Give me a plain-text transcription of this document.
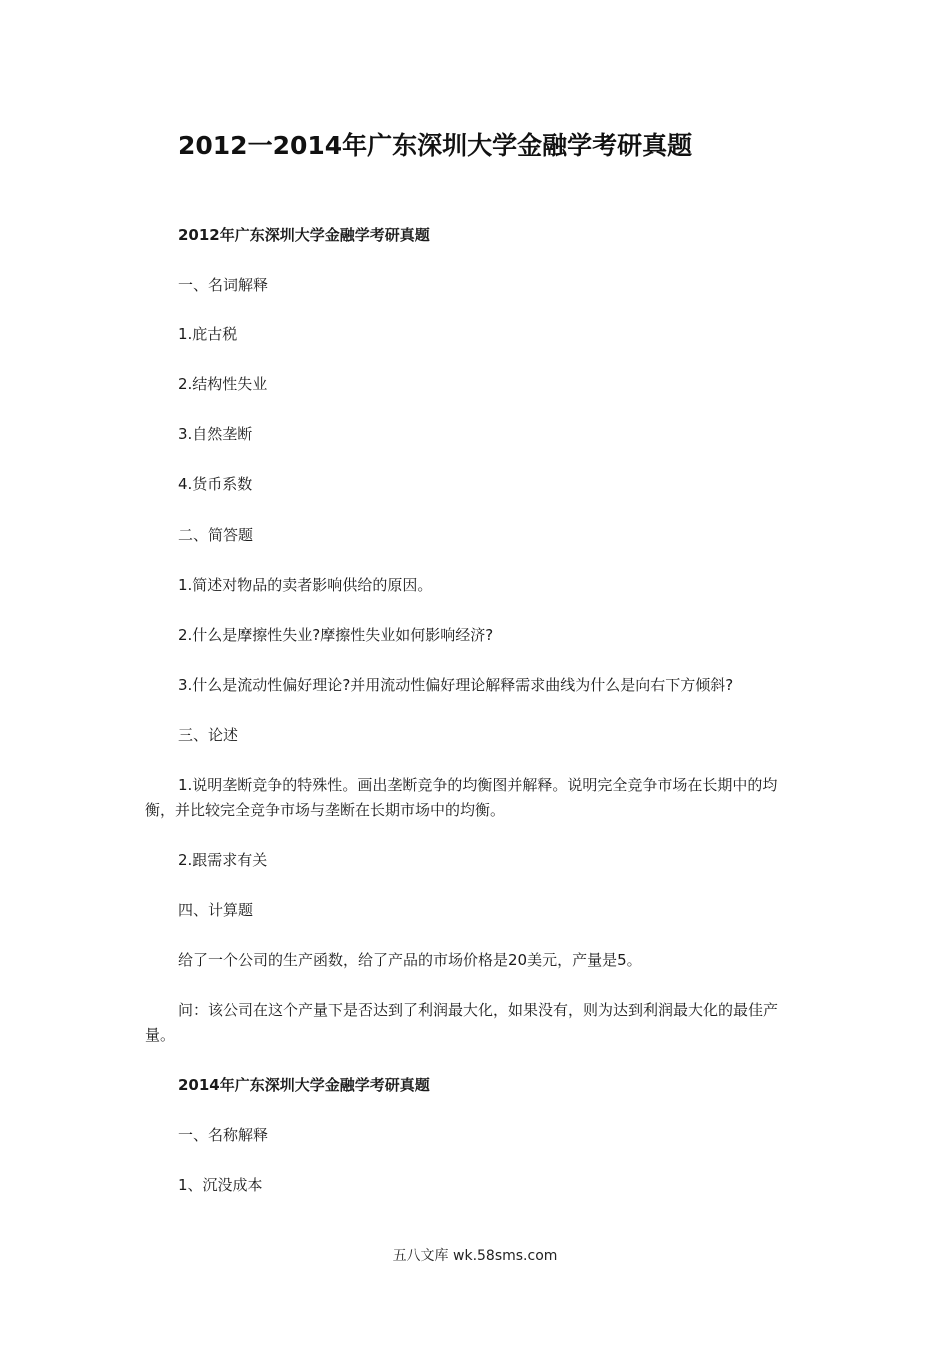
2012一2014年广东深圳大学金融学考研真题
2012年广东深圳大学金融学考研真题
一、名词解释
1.庇古税
2.结构性失业
3.自然垄断
4.货币系数
二、简答题
1.简述对物品的卖者影响供给的原因。
2.什么是摩擦性失业?摩擦性失业如何影响经济?
3.什么是流动性偏好理论?并用流动性偏好理论解释需求曲线为什么是向右下方倾斜?
三、论述
1.说明垄断竞争的特殊性。画出垄断竞争的均衡图并解释。说明完全竞争市场在长期中的均衡，并比较完全竞争市场与垄断在长期市场中的均衡。
2.跟需求有关
四、计算题
给了一个公司的生产函数，给了产品的市场价格是20美元，产量是5。
问：该公司在这个产量下是否达到了利润最大化，如果没有，则为达到利润最大化的最佳产量。
2014年广东深圳大学金融学考研真题
一、名称解释
1、沉没成本
五八文库 wk.58sms.com
